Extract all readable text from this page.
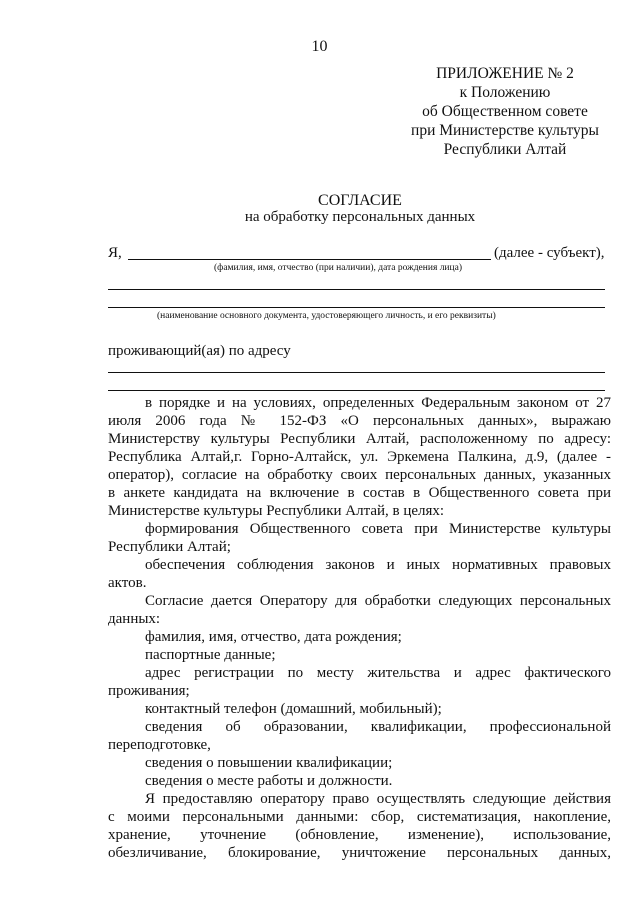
10
ПРИЛОЖЕНИЕ № 2
к Положению
об Общественном совете
при Министерстве культуры
Республики Алтай
СОГЛАСИЕ
на обработку персональных данных
Я,	(далее - субъект),
(фамилия, имя, отчество (при наличии), дата рождения лица)
(наименование основного документа, удостоверяющего личность, и его реквизиты)
проживающий(ая) по адресу
в порядке и на условиях, определенных Федеральным законом от 27
июля 2006 года № 152-ФЗ «О персональных данных», выражаю
Министерству культуры Республики Алтай, расположенному по адресу:
Республика Алтай,г. Горно-Алтайск, ул. Эркемена Палкина, д.9, (далее -
оператор), согласие на обработку своих персональных данных, указанных
в анкете кандидата на включение в состав в Общественного совета при
Министерстве культуры Республики Алтай, в целях:
формирования Общественного совета при Министерстве культуры
Республики Алтай;
обеспечения соблюдения законов и иных нормативных правовых
актов.
Согласие дается Оператору для обработки следующих персональных
данных:
фамилия, имя, отчество, дата рождения;
паспортные данные;
адрес регистрации по месту жительства и адрес фактического
проживания;
контактный телефон (домашний, мобильный);
сведения об образовании, квалификации, профессиональной
переподготовке,
сведения о повышении квалификации;
сведения о месте работы и должности.
Я предоставляю оператору право осуществлять следующие действия
с моими персональными данными: сбор, систематизация, накопление,
хранение, уточнение (обновление, изменение), использование,
обезличивание, блокирование, уничтожение персональных данных,
